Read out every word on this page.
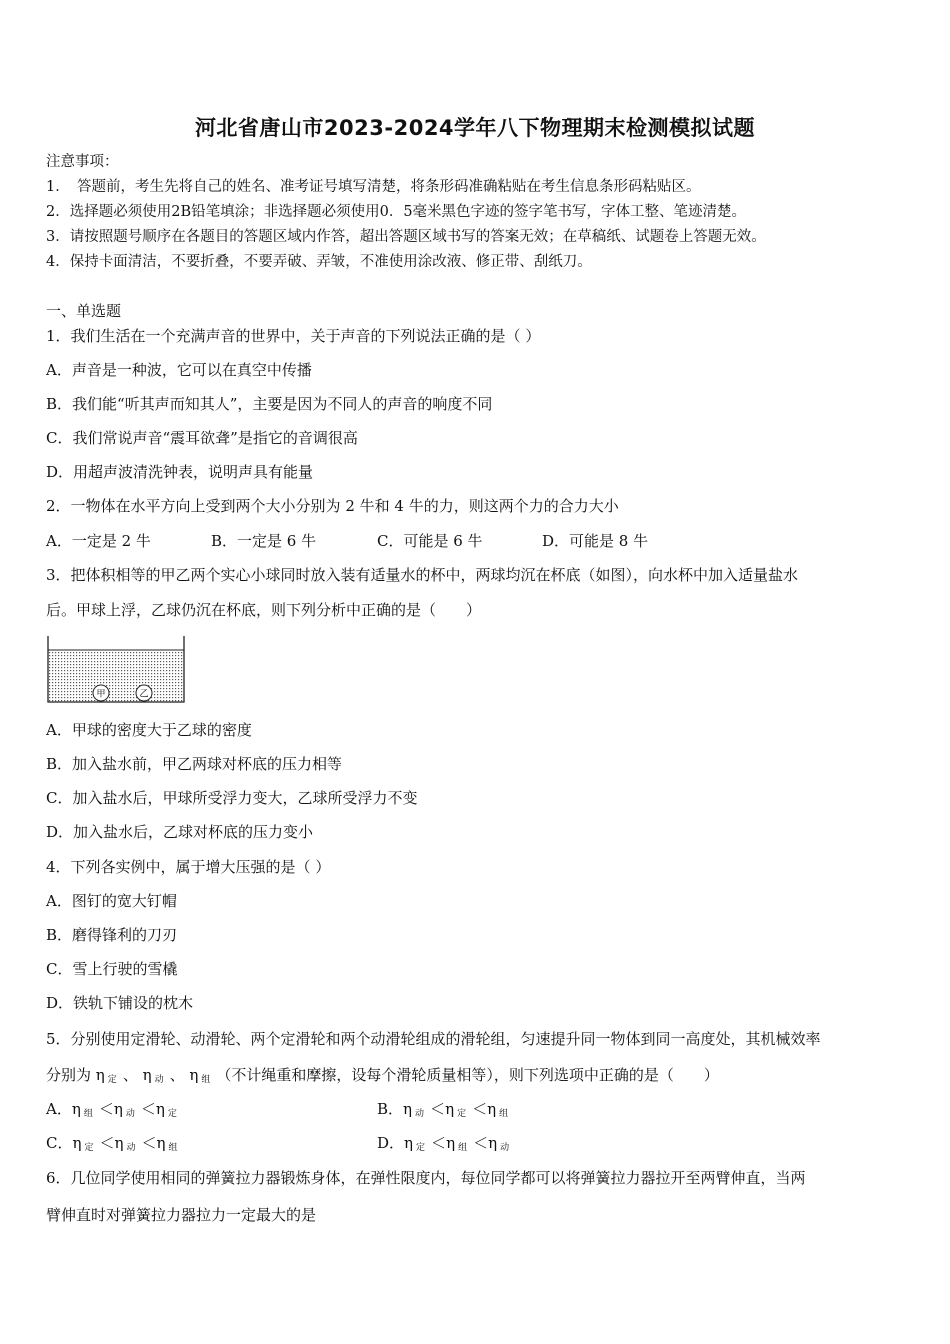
河北省唐山市2023-2024学年八下物理期末检测模拟试题
注意事项：
1．　答题前，考生先将自己的姓名、准考证号填写清楚，将条形码准确粘贴在考生信息条形码粘贴区。
2．选择题必须使用2B铅笔填涂；非选择题必须使用0．5毫米黑色字迹的签字笔书写，字体工整、笔迹清楚。
3．请按照题号顺序在各题目的答题区域内作答，超出答题区域书写的答案无效；在草稿纸、试题卷上答题无效。
4．保持卡面清洁，不要折叠，不要弄破、弄皱，不准使用涂改液、修正带、刮纸刀。
一、单选题
1．我们生活在一个充满声音的世界中，关于声音的下列说法正确的是（ ）
A．声音是一种波，它可以在真空中传播
B．我们能“听其声而知其人”，主要是因为不同人的声音的响度不同
C．我们常说声音“震耳欲聋”是指它的音调很高
D．用超声波清洗钟表，说明声具有能量
2．一物体在水平方向上受到两个大小分别为 2 牛和 4 牛的力，则这两个力的合力大小
A．一定是 2 牛	B．一定是 6 牛	C．可能是 6 牛	D．可能是 8 牛
3．把体积相等的甲乙两个实心小球同时放入装有适量水的杯中，两球均沉在杯底（如图），向水杯中加入适量盐水
后。甲球上浮，乙球仍沉在杯底，则下列分析中正确的是（　　）
甲	乙
A．甲球的密度大于乙球的密度
B．加入盐水前，甲乙两球对杯底的压力相等
C．加入盐水后，甲球所受浮力变大，乙球所受浮力不变
D．加入盐水后，乙球对杯底的压力变小
4．下列各实例中，属于增大压强的是（ ）
A．图钉的宽大钉帽
B．磨得锋利的刀刃
C．雪上行驶的雪橇
D．铁轨下铺设的枕木
5．分别使用定滑轮、动滑轮、两个定滑轮和两个动滑轮组成的滑轮组，匀速提升同一物体到同一高度处，其机械效率
分别为 η 定 、 η 动 、 η 组 （不计绳重和摩擦，设每个滑轮质量相等），则下列选项中正确的是（　　）
A．η 组 ＜η 动 ＜η 定	B．η 动 ＜η 定 ＜η 组
C．η 定 ＜η 动 ＜η 组	D．η 定 ＜η 组 ＜η 动
6．几位同学使用相同的弹簧拉力器锻炼身体，在弹性限度内，每位同学都可以将弹簧拉力器拉开至两臂伸直，当两
臂伸直时对弹簧拉力器拉力一定最大的是
